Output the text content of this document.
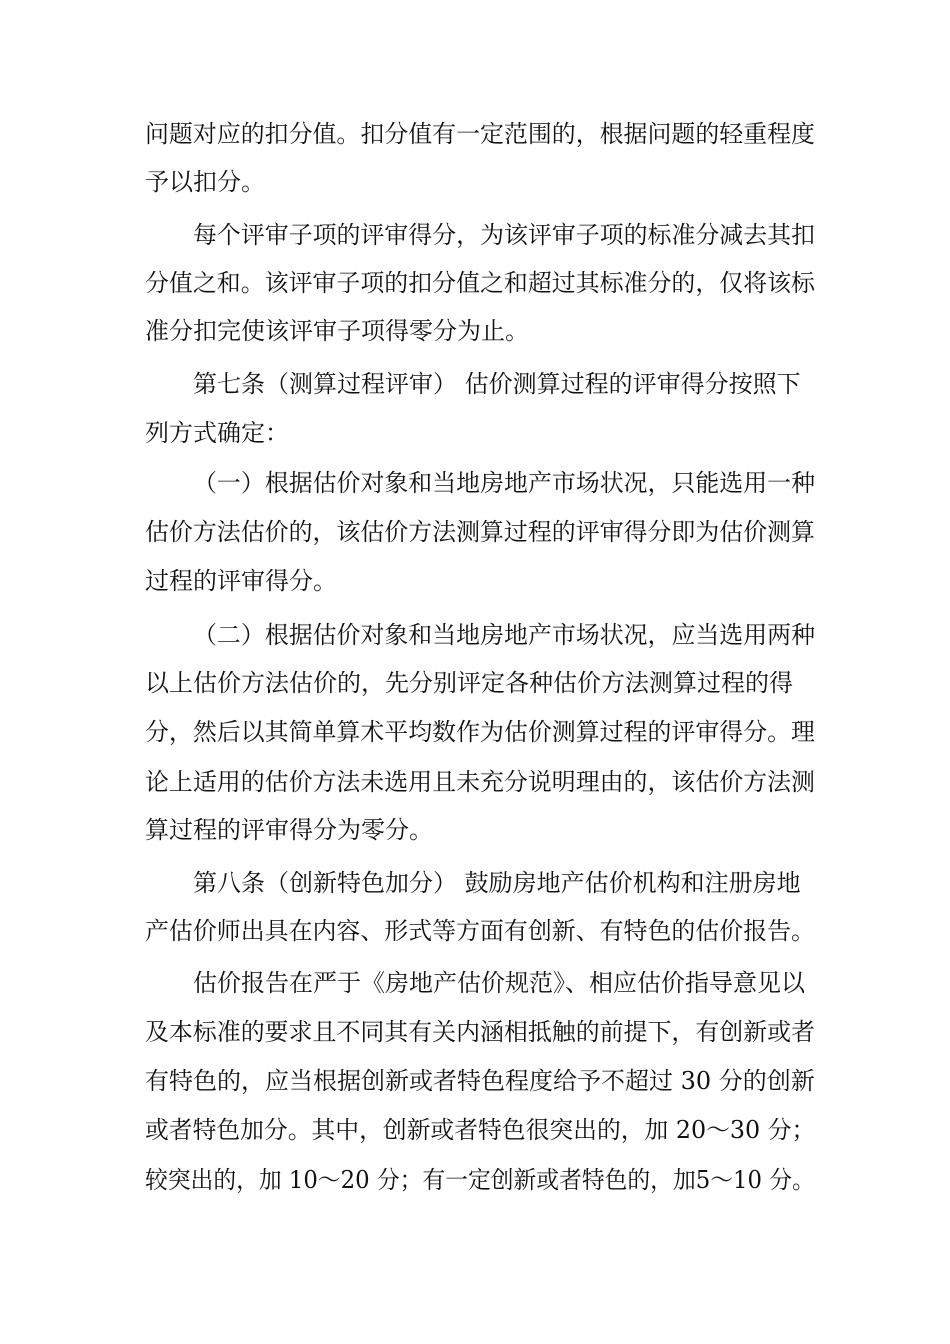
问题对应的扣分值。扣分值有一定范围的，根据问题的轻重程度
予以扣分。
每个评审子项的评审得分，为该评审子项的标准分减去其扣
分值之和。该评审子项的扣分值之和超过其标准分的，仅将该标
准分扣完使该评审子项得零分为止。
第七条（测算过程评审） 估价测算过程的评审得分按照下
列方式确定：
（一）根据估价对象和当地房地产市场状况，只能选用一种
估价方法估价的，该估价方法测算过程的评审得分即为估价测算
过程的评审得分。
（二）根据估价对象和当地房地产市场状况，应当选用两种
以上估价方法估价的，先分别评定各种估价方法测算过程的得
分，然后以其简单算术平均数作为估价测算过程的评审得分。理
论上适用的估价方法未选用且未充分说明理由的，该估价方法测
算过程的评审得分为零分。
第八条（创新特色加分） 鼓励房地产估价机构和注册房地
产估价师出具在内容、形式等方面有创新、有特色的估价报告。
估价报告在严于《房地产估价规范》、相应估价指导意见以
及本标准的要求且不同其有关内涵相抵触的前提下，有创新或者
有特色的，应当根据创新或者特色程度给予不超过 30 分的创新
或者特色加分。其中，创新或者特色很突出的，加 20～30 分；
较突出的，加 10～20 分；有一定创新或者特色的，加5～10 分。
